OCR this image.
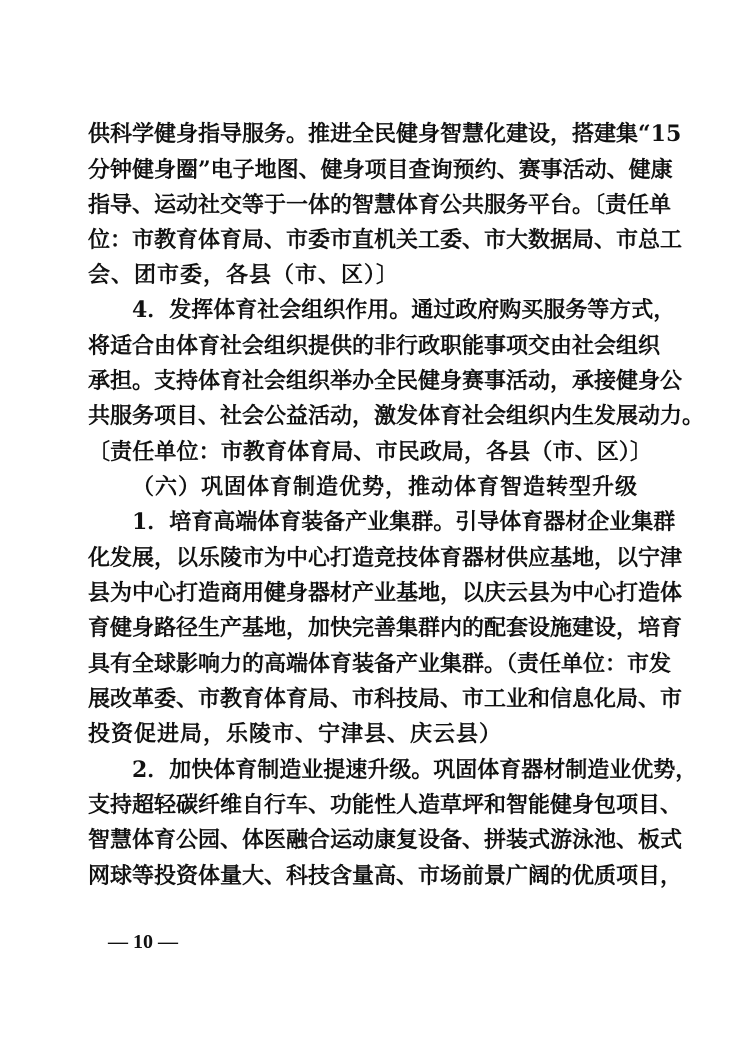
供科学健身指导服务。推进全民健身智慧化建设，搭建集“15
分钟健身圈”电子地图、健身项目查询预约、赛事活动、健康
指导、运动社交等于一体的智慧体育公共服务平台。〔责任单
位：市教育体育局、市委市直机关工委、市大数据局、市总工
会、团市委，各县（市、区）〕
4．发挥体育社会组织作用。通过政府购买服务等方式，
将适合由体育社会组织提供的非行政职能事项交由社会组织
承担。支持体育社会组织举办全民健身赛事活动，承接健身公
共服务项目、社会公益活动，激发体育社会组织内生发展动力。
〔责任单位：市教育体育局、市民政局，各县（市、区）〕
（六）巩固体育制造优势，推动体育智造转型升级
1．培育高端体育装备产业集群。引导体育器材企业集群
化发展，以乐陵市为中心打造竞技体育器材供应基地，以宁津
县为中心打造商用健身器材产业基地，以庆云县为中心打造体
育健身路径生产基地，加快完善集群内的配套设施建设，培育
具有全球影响力的高端体育装备产业集群。（责任单位：市发
展改革委、市教育体育局、市科技局、市工业和信息化局、市
投资促进局，乐陵市、宁津县、庆云县）
2．加快体育制造业提速升级。巩固体育器材制造业优势，
支持超轻碳纤维自行车、功能性人造草坪和智能健身包项目、
智慧体育公园、体医融合运动康复设备、拼装式游泳池、板式
网球等投资体量大、科技含量高、市场前景广阔的优质项目，
— 10 —
